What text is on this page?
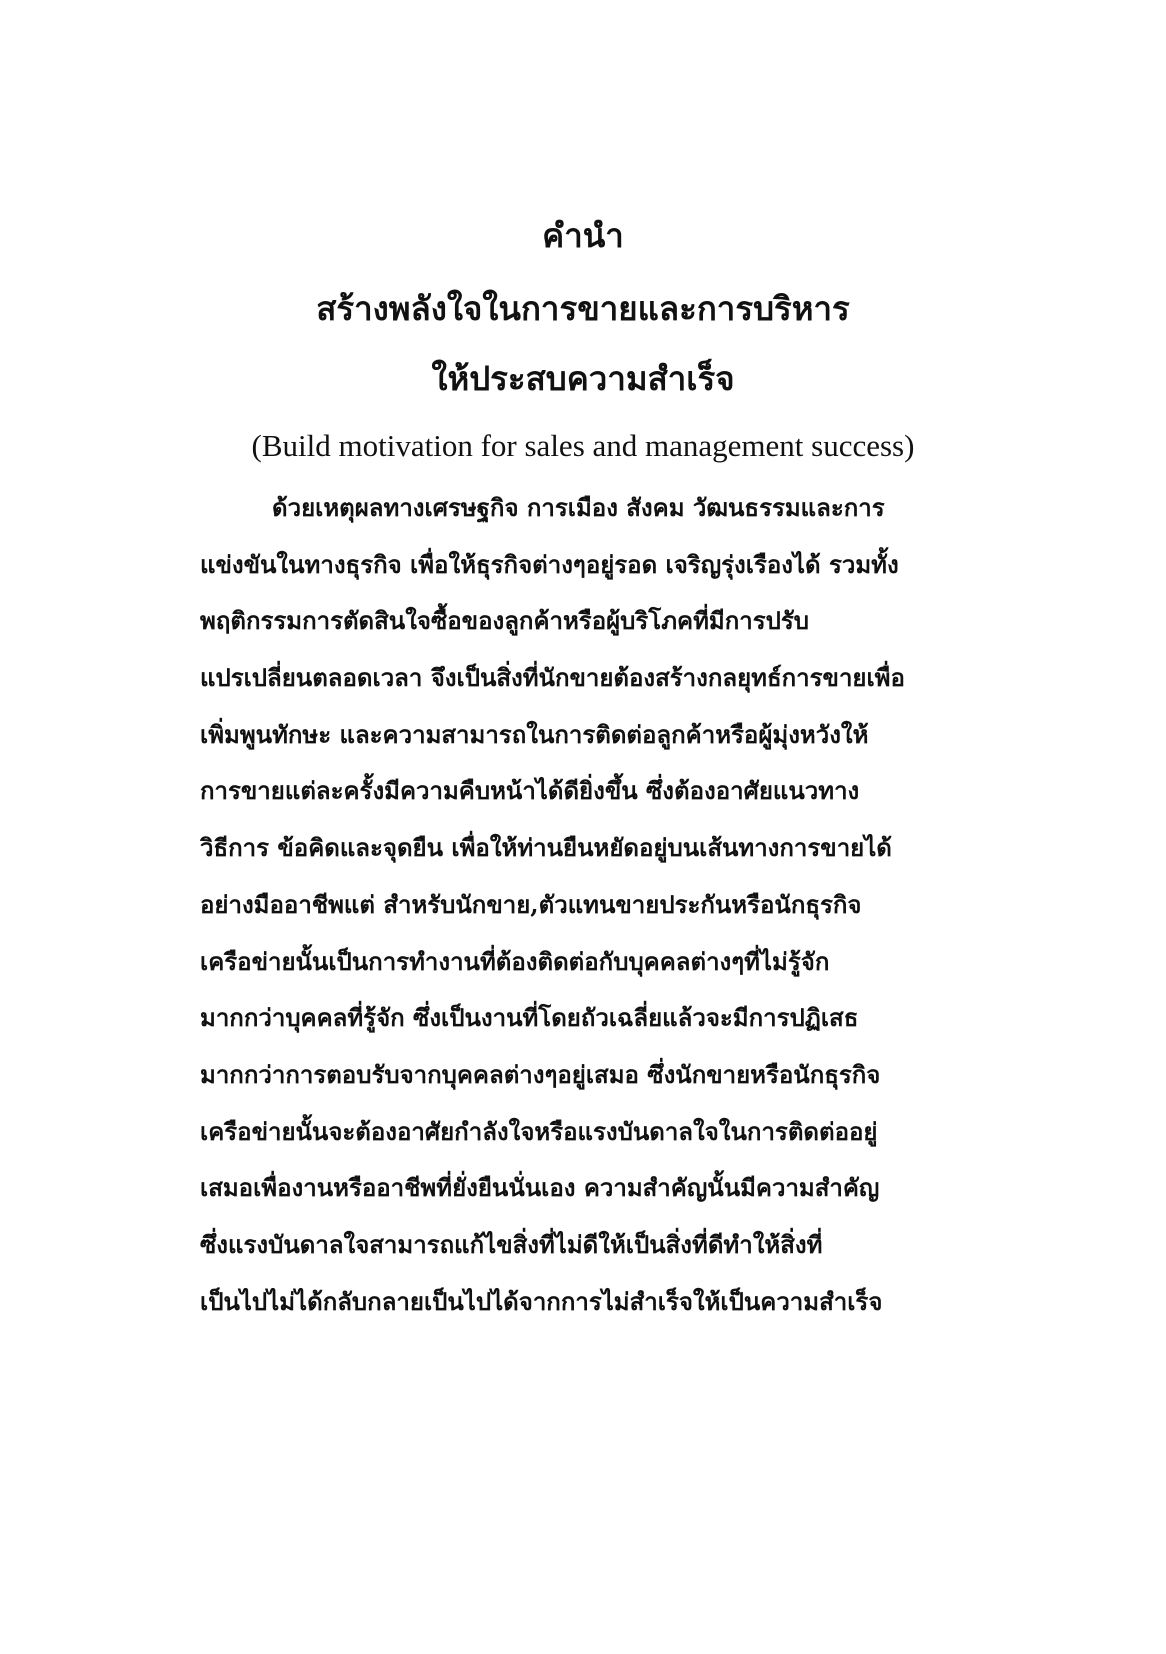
คำนำ
สร้างพลังใจในการขายและการบริหาร
ให้ประสบความสำเร็จ
(Build motivation for sales and management success)
ด้วยเหตุผลทางเศรษฐกิจ การเมือง สังคม วัฒนธรรมและการ
แข่งขันในทางธุรกิจ เพื่อให้ธุรกิจต่างๆอยู่รอด เจริญรุ่งเรืองได้ รวมทั้ง
พฤติกรรมการตัดสินใจซื้อของลูกค้าหรือผู้บริโภคที่มีการปรับ
แปรเปลี่ยนตลอดเวลา จึงเป็นสิ่งที่นักขายต้องสร้างกลยุทธ์การขายเพื่อ
เพิ่มพูนทักษะ และความสามารถในการติดต่อลูกค้าหรือผู้มุ่งหวังให้
การขายแต่ละครั้งมีความคืบหน้าได้ดียิ่งขึ้น ซึ่งต้องอาศัยแนวทาง
วิธีการ ข้อคิดและจุดยืน เพื่อให้ท่านยืนหยัดอยู่บนเส้นทางการขายได้
อย่างมืออาชีพแต่ สำหรับนักขาย,ตัวแทนขายประกันหรือนักธุรกิจ
เครือข่ายนั้นเป็นการทำงานที่ต้องติดต่อกับบุคคลต่างๆที่ไม่รู้จัก
มากกว่าบุคคลที่รู้จัก ซึ่งเป็นงานที่โดยถัวเฉลี่ยแล้วจะมีการปฏิเสธ
มากกว่าการตอบรับจากบุคคลต่างๆอยู่เสมอ ซึ่งนักขายหรือนักธุรกิจ
เครือข่ายนั้นจะต้องอาศัยกำลังใจหรือแรงบันดาลใจในการติดต่ออยู่
เสมอเพื่องานหรืออาชีพที่ยั่งยืนนั่นเอง ความสำคัญนั้นมีความสำคัญ
ซึ่งแรงบันดาลใจสามารถแก้ไขสิ่งที่ไม่ดีให้เป็นสิ่งที่ดีทำให้สิ่งที่
เป็นไปไม่ได้กลับกลายเป็นไปได้จากการไม่สำเร็จให้เป็นความสำเร็จ
